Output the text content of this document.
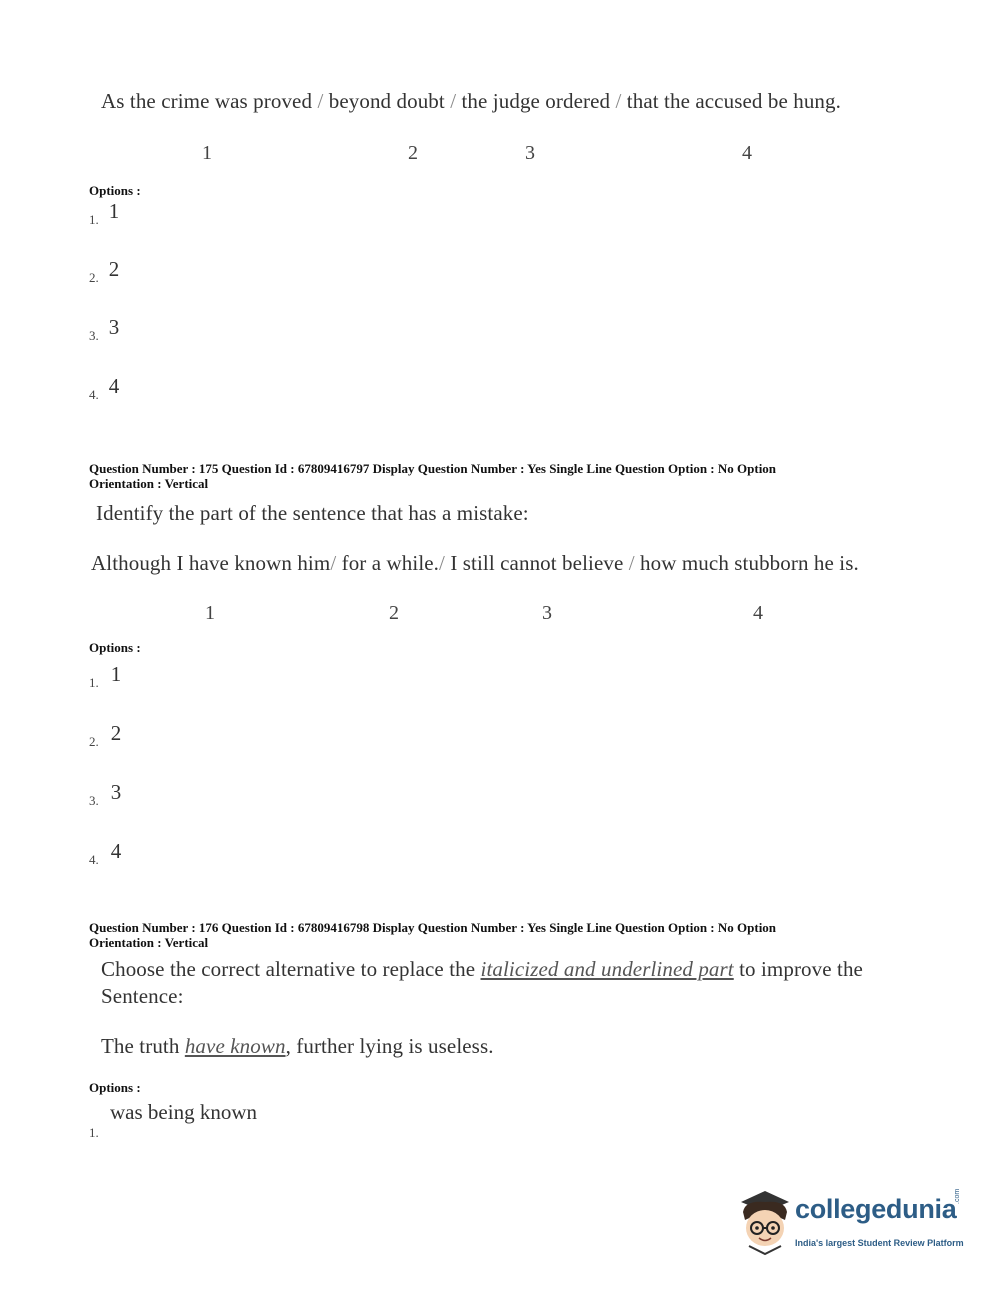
As the crime was proved / beyond doubt / the judge ordered / that the accused be hung.
1	2	3	4
Options :
1. 1
2. 2
3. 3
4. 4
Question Number : 175 Question Id : 67809416797 Display Question Number : Yes Single Line Question Option : No Option
Orientation : Vertical
Identify the part of the sentence that has a mistake:
Although I have known him/ for a while./ I still cannot believe / how much stubborn he is.
1	2	3	4
Options :
1. 1
2. 2
3. 3
4. 4
Question Number : 176 Question Id : 67809416798 Display Question Number : Yes Single Line Question Option : No Option
Orientation : Vertical
Choose the correct alternative to replace the italicized and underlined part to improve the
Sentence:
The truth have known, further lying is useless.
Options :
was being known
1.
collegedunia
.com
India's largest Student Review Platform
